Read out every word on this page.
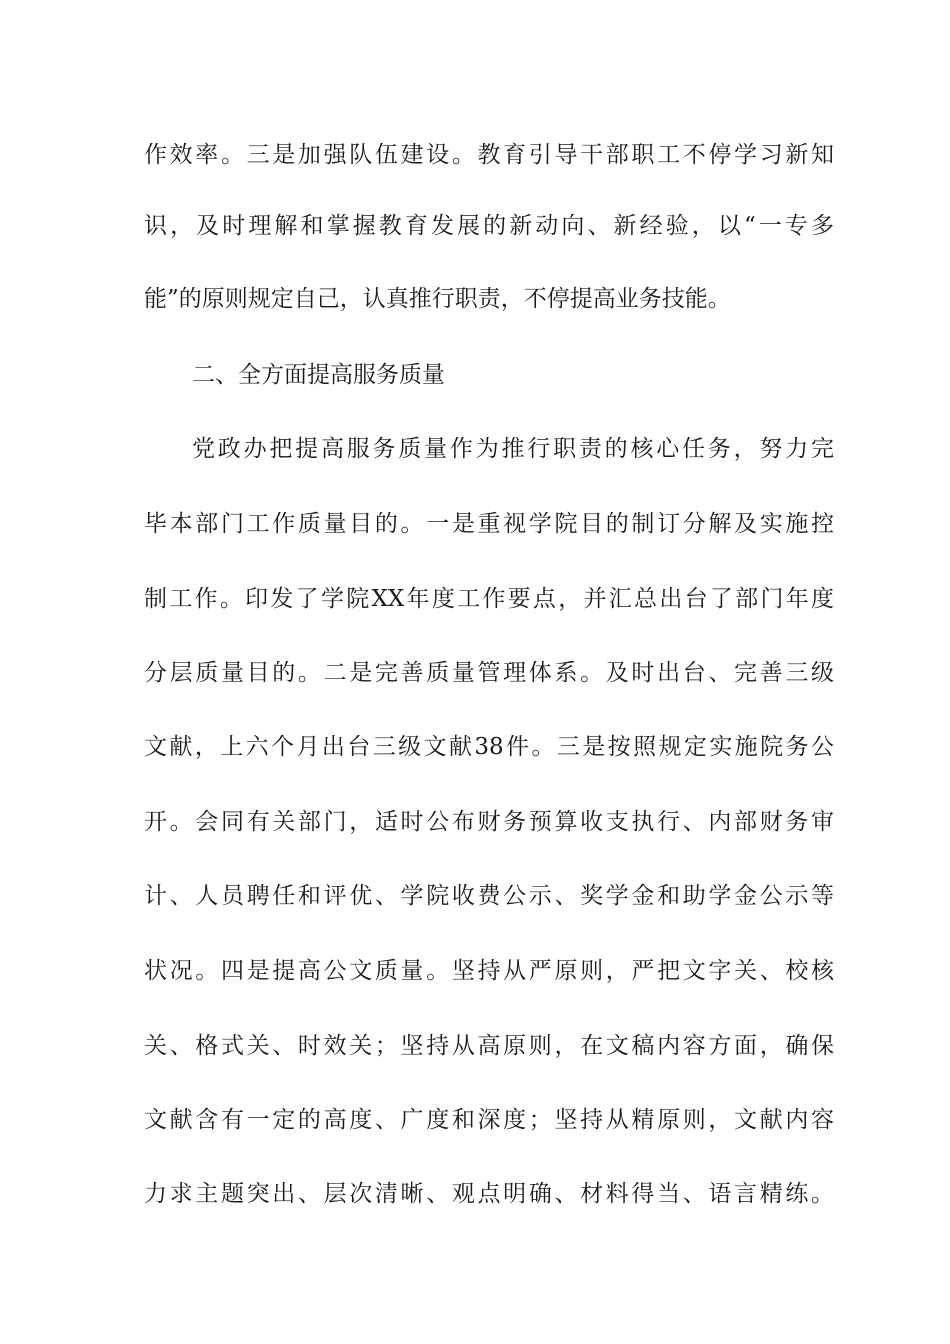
作效率。三是加强队伍建设。教育引导干部职工不停学习新知
识，及时理解和掌握教育发展的新动向、新经验，以“一专多
能”的原则规定自己，认真推行职责，不停提高业务技能。
二、全方面提高服务质量
党政办把提高服务质量作为推行职责的核心任务，努力完
毕本部门工作质量目的。一是重视学院目的制订分解及实施控
制工作。印发了学院XX年度工作要点，并汇总出台了部门年度
分层质量目的。二是完善质量管理体系。及时出台、完善三级
文献，上六个月出台三级文献38件。三是按照规定实施院务公
开。会同有关部门，适时公布财务预算收支执行、内部财务审
计、人员聘任和评优、学院收费公示、奖学金和助学金公示等
状况。四是提高公文质量。坚持从严原则，严把文字关、校核
关、格式关、时效关；坚持从高原则，在文稿内容方面，确保
文献含有一定的高度、广度和深度；坚持从精原则，文献内容
力求主题突出、层次清晰、观点明确、材料得当、语言精练。
